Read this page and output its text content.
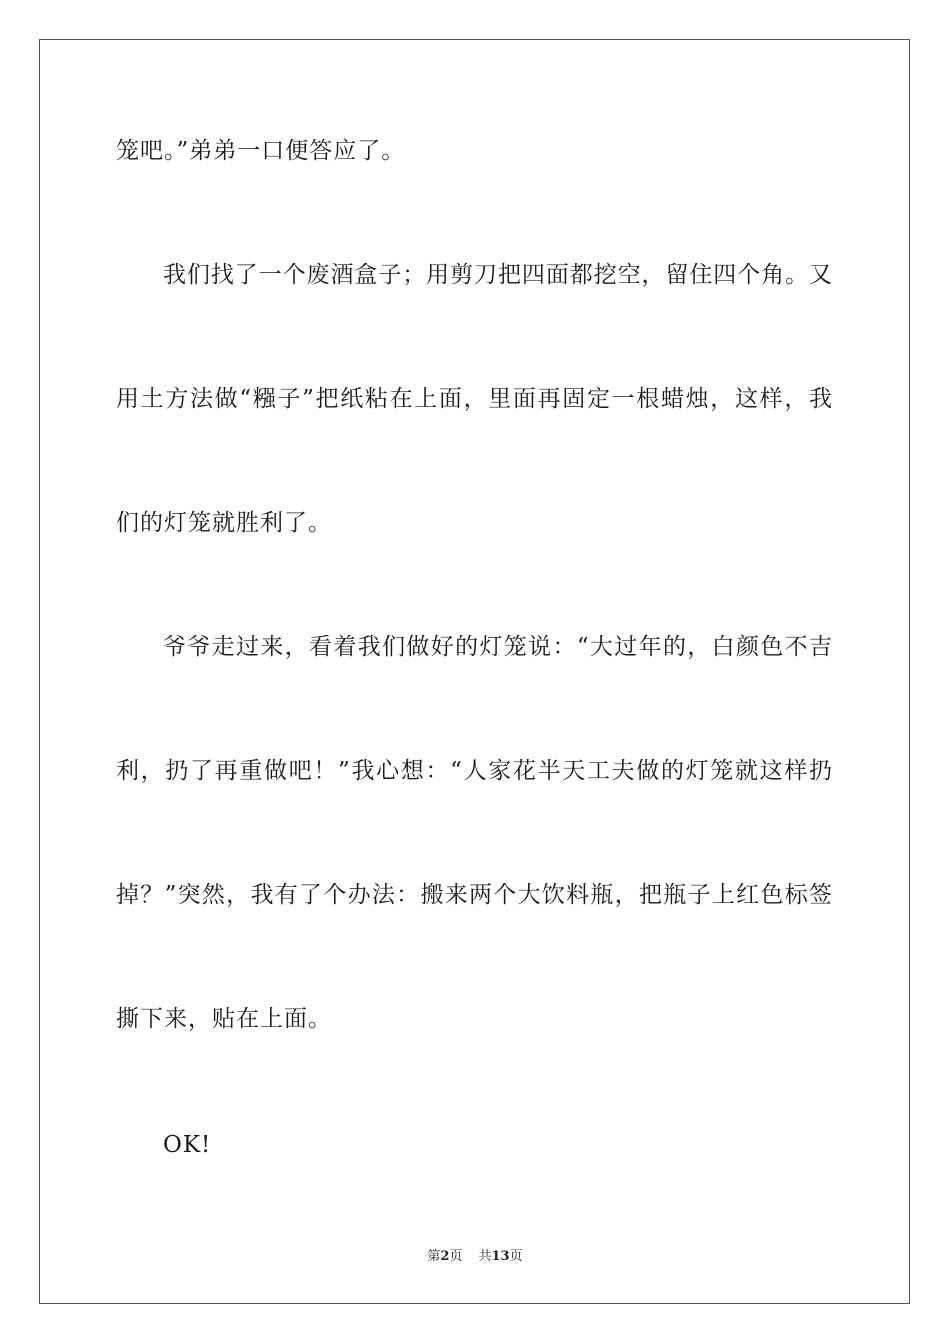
笼吧。”弟弟一口便答应了。
我们找了一个废酒盒子；用剪刀把四面都挖空，留住四个角。又
用土方法做“糨子”把纸粘在上面，里面再固定一根蜡烛，这样，我
们的灯笼就胜利了。
爷爷走过来，看着我们做好的灯笼说：“大过年的，白颜色不吉
利，扔了再重做吧！”我心想：“人家花半天工夫做的灯笼就这样扔
掉？”突然，我有了个办法：搬来两个大饮料瓶，把瓶子上红色标签
撕下来，贴在上面。
OK!
第2页 共13页
